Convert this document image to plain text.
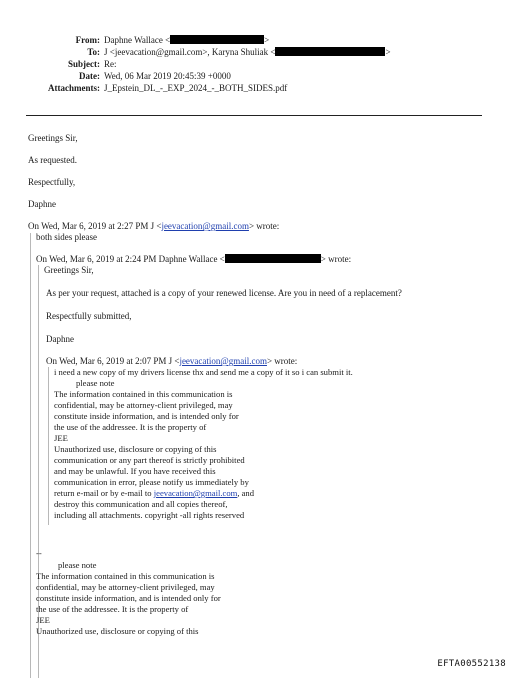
From: Daphne Wallace <	>
To: J <jeevacation@gmail.com>, Karyna Shuliak <	>
Subject: Re:
Date: Wed, 06 Mar 2019 20:45:39 +0000
Attachments: J_Epstein_DL_-_EXP_2024_-_BOTH_SIDES.pdf
Greetings Sir,
As requested.
Respectfully,
Daphne
On Wed, Mar 6, 2019 at 2:27 PM J <jeevacation@gmail.com> wrote:
both sides please
On Wed, Mar 6, 2019 at 2:24 PM Daphne Wallace <	> wrote:
Greetings Sir,
As per your request, attached is a copy of your renewed license. Are you in need of a replacement?
Respectfully submitted,
Daphne
On Wed, Mar 6, 2019 at 2:07 PM J <jeevacation@gmail.com> wrote:
i need a new copy of my drivers license thx and send me a copy of it so i can submit it.
please note
The information contained in this communication is
confidential, may be attorney-client privileged, may
constitute inside information, and is intended only for
the use of the addressee. It is the property of
JEE
Unauthorized use, disclosure or copying of this
communication or any part thereof is strictly prohibited
and may be unlawful. If you have received this
communication in error, please notify us immediately by
return e-mail or by e-mail to jeevacation@gmail.com, and
destroy this communication and all copies thereof,
including all attachments. copyright -all rights reserved
--
please note
The information contained in this communication is
confidential, may be attorney-client privileged, may
constitute inside information, and is intended only for
the use of the addressee. It is the property of
JEE
Unauthorized use, disclosure or copying of this
EFTA00552138
